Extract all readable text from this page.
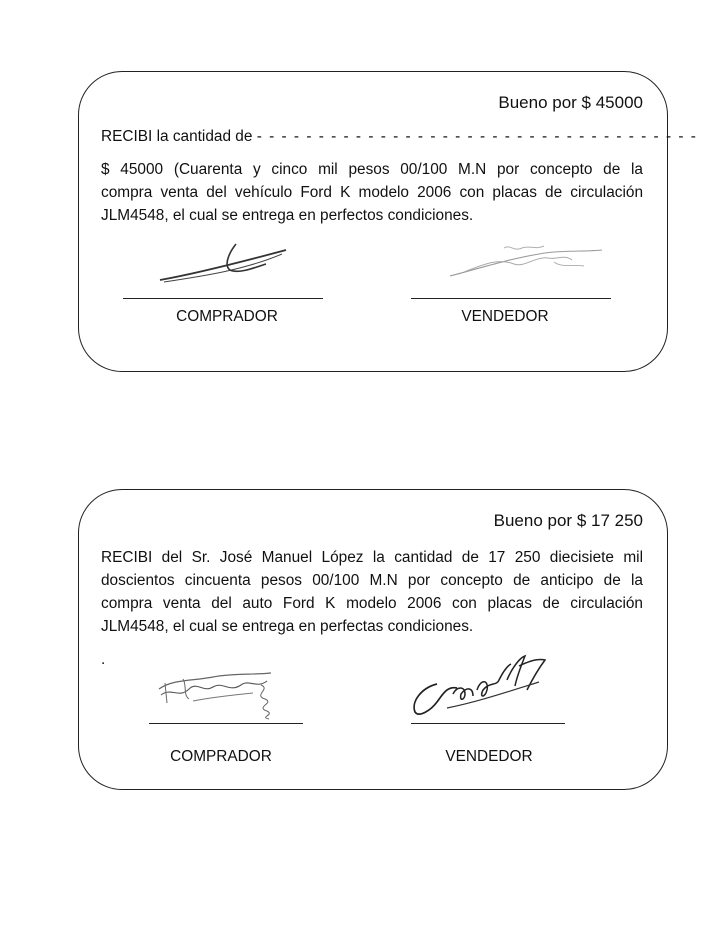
Bueno por $ 45000
RECIBI la cantidad de - - - - - - - - - - - - - - - - - - - - - - - - - - - - - - - - - - - -
$ 45000 (Cuarenta y cinco mil pesos 00/100 M.N por concepto de la
compra venta del vehículo Ford K modelo 2006 con placas de circulación
JLM4548, el cual se entrega en perfectos condiciones.
COMPRADOR	VENDEDOR
Bueno por $ 17 250
RECIBI del Sr. José Manuel López la cantidad de 17 250 diecisiete mil
doscientos cincuenta pesos 00/100 M.N por concepto de anticipo de la
compra venta del auto Ford K modelo 2006 con placas de circulación
JLM4548, el cual se entrega en perfectas condiciones.
.
COMPRADOR	VENDEDOR
